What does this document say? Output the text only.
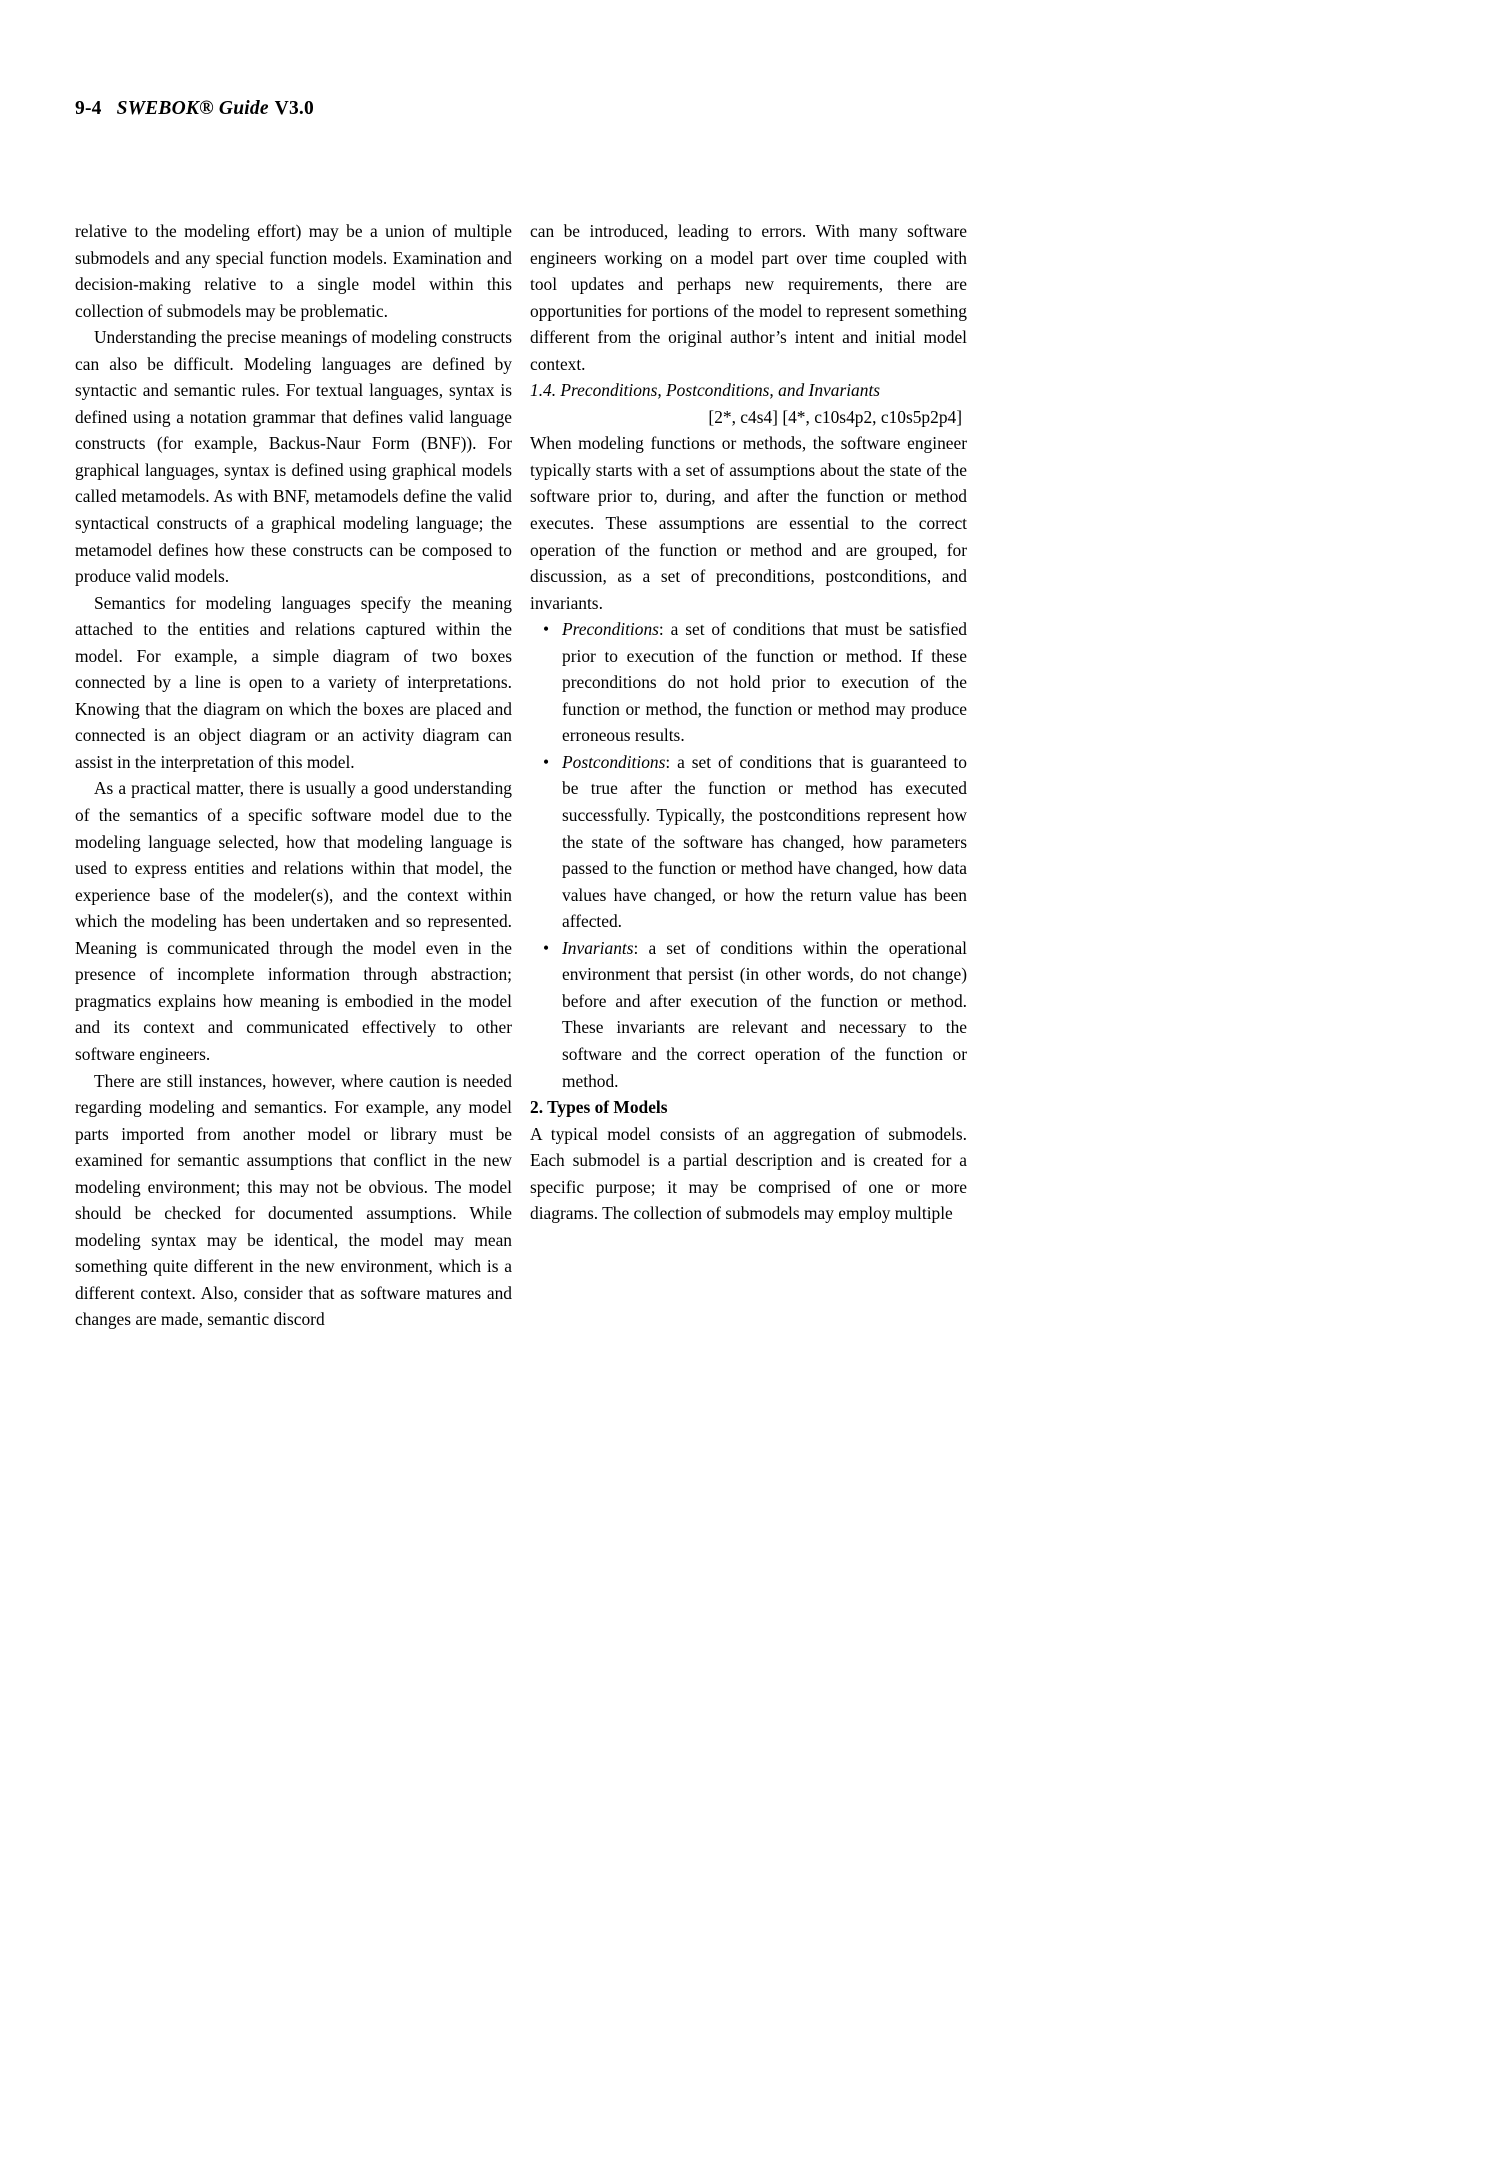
9-4 SWEBOK® Guide V3.0

relative to the modeling effort) may be a union of multiple submodels and any special function models. Examination and decision-making relative to a single model within this collection of submodels may be problematic.

Understanding the precise meanings of modeling constructs can also be difficult. Modeling languages are defined by syntactic and semantic rules. For textual languages, syntax is defined using a notation grammar that defines valid language constructs (for example, Backus-Naur Form (BNF)). For graphical languages, syntax is defined using graphical models called metamodels. As with BNF, metamodels define the valid syntactical constructs of a graphical modeling language; the metamodel defines how these constructs can be composed to produce valid models.

Semantics for modeling languages specify the meaning attached to the entities and relations captured within the model. For example, a simple diagram of two boxes connected by a line is open to a variety of interpretations. Knowing that the diagram on which the boxes are placed and connected is an object diagram or an activity diagram can assist in the interpretation of this model.

As a practical matter, there is usually a good understanding of the semantics of a specific software model due to the modeling language selected, how that modeling language is used to express entities and relations within that model, the experience base of the modeler(s), and the context within which the modeling has been undertaken and so represented. Meaning is communicated through the model even in the presence of incomplete information through abstraction; pragmatics explains how meaning is embodied in the model and its context and communicated effectively to other software engineers.

There are still instances, however, where caution is needed regarding modeling and semantics. For example, any model parts imported from another model or library must be examined for semantic assumptions that conflict in the new modeling environment; this may not be obvious. The model should be checked for documented assumptions. While modeling syntax may be identical, the model may mean something quite different in the new environment, which is a different context. Also, consider that as software matures and changes are made, semantic discord

can be introduced, leading to errors. With many software engineers working on a model part over time coupled with tool updates and perhaps new requirements, there are opportunities for portions of the model to represent something different from the original author’s intent and initial model context.

1.4. Preconditions, Postconditions, and Invariants

[2*, c4s4] [4*, c10s4p2, c10s5p2p4]

When modeling functions or methods, the software engineer typically starts with a set of assumptions about the state of the software prior to, during, and after the function or method executes. These assumptions are essential to the correct operation of the function or method and are grouped, for discussion, as a set of preconditions, postconditions, and invariants.

• Preconditions: a set of conditions that must be satisfied prior to execution of the function or method. If these preconditions do not hold prior to execution of the function or method, the function or method may produce erroneous results.
• Postconditions: a set of conditions that is guaranteed to be true after the function or method has executed successfully. Typically, the postconditions represent how the state of the software has changed, how parameters passed to the function or method have changed, how data values have changed, or how the return value has been affected.
• Invariants: a set of conditions within the operational environment that persist (in other words, do not change) before and after execution of the function or method. These invariants are relevant and necessary to the software and the correct operation of the function or method.
2. Types of Models

A typical model consists of an aggregation of submodels. Each submodel is a partial description and is created for a specific purpose; it may be comprised of one or more diagrams. The collection of submodels may employ multiple
